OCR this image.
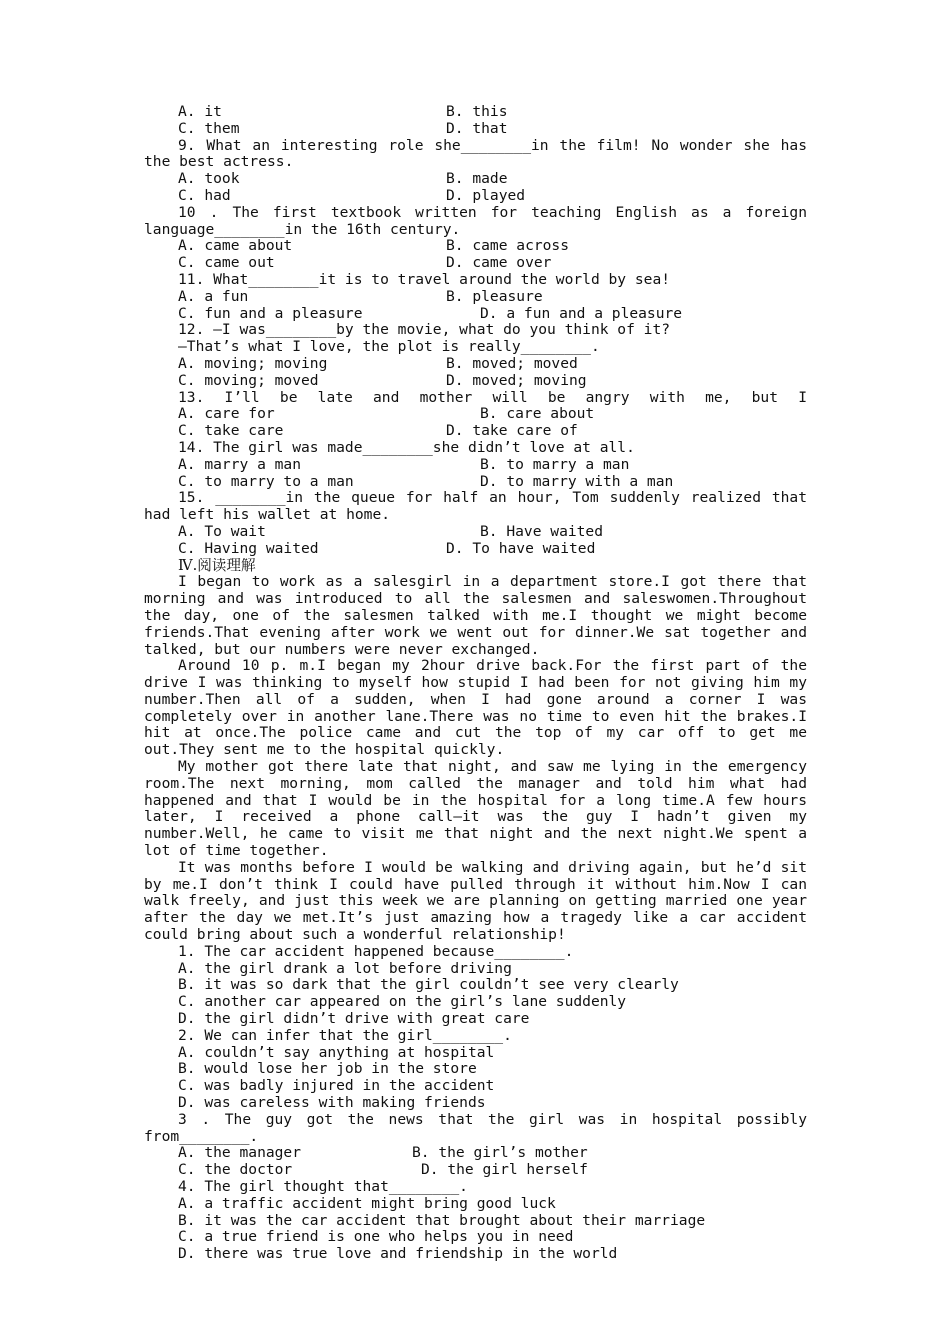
A. it	B. this
C. them	D. that
9. What an interesting role she________in the film! No wonder she has
the best actress.
A. took	B. made
C. had	D. played
10 . The first textbook written for teaching English as a foreign
language________in the 16th century.
A. came about	B. came across
C. came out	D. came over
11. What________it is to travel around the world by sea!
A. a fun	B. pleasure
C. fun and a pleasure	D. a fun and a pleasure
12. —I was________by the movie, what do you think of it?
—That’s what I love, the plot is really________.
A. moving; moving	B. moved; moved
C. moving; moved	D. moved; moving
13. I’ll be late and mother will be angry with me, but I
A. care for	B. care about
C. take care	D. take care of
14. The girl was made________she didn’t love at all.
A. marry a man	B. to marry a man
C. to marry to a man	D. to marry with a man
15. ________in the queue for half an hour, Tom suddenly realized that
had left his wallet at home.
A. To wait	B. Have waited
C. Having waited	D. To have waited
Ⅳ.阅读理解

I began to work as a salesgirl in a department store.I got there that morning and was introduced to all the salesmen and saleswomen.Throughout the day, one of the salesmen talked with me.I thought we might become friends.That evening after work we went out for dinner.We sat together and talked, but our numbers were never exchanged.

Around 10 p. m.I began my 2hour drive back.For the first part of the drive I was thinking to myself how stupid I had been for not giving him my number.Then all of a sudden, when I had gone around a corner I was completely over in another lane.There was no time to even hit the brakes.I hit at once.The police came and cut the top of my car off to get me out.They sent me to the hospital quickly.

My mother got there late that night, and saw me lying in the emergency room.The next morning, mom called the manager and told him what had happened and that I would be in the hospital for a long time.A few hours later, I received a phone call—it was the guy I hadn’t given my number.Well, he came to visit me that night and the next night.We spent a lot of time together.

It was months before I would be walking and driving again, but he’d sit by me.I don’t think I could have pulled through it without him.Now I can walk freely, and just this week we are planning on getting married one year after the day we met.It’s just amazing how a tragedy like a car accident could bring about such a wonderful relationship!

1. The car accident happened because________.
A. the girl drank a lot before driving
B. it was so dark that the girl couldn’t see very clearly
C. another car appeared on the girl’s lane suddenly
D. the girl didn’t drive with great care
2. We can infer that the girl________.
A. couldn’t say anything at hospital
B. would lose her job in the store
C. was badly injured in the accident
D. was careless with making friends
3 . The guy got the news that the girl was in hospital possibly
from________.
A. the manager	B. the girl’s mother
C. the doctor	D. the girl herself
4. The girl thought that________.
A. a traffic accident might bring good luck
B. it was the car accident that brought about their marriage
C. a true friend is one who helps you in need
D. there was true love and friendship in the world
